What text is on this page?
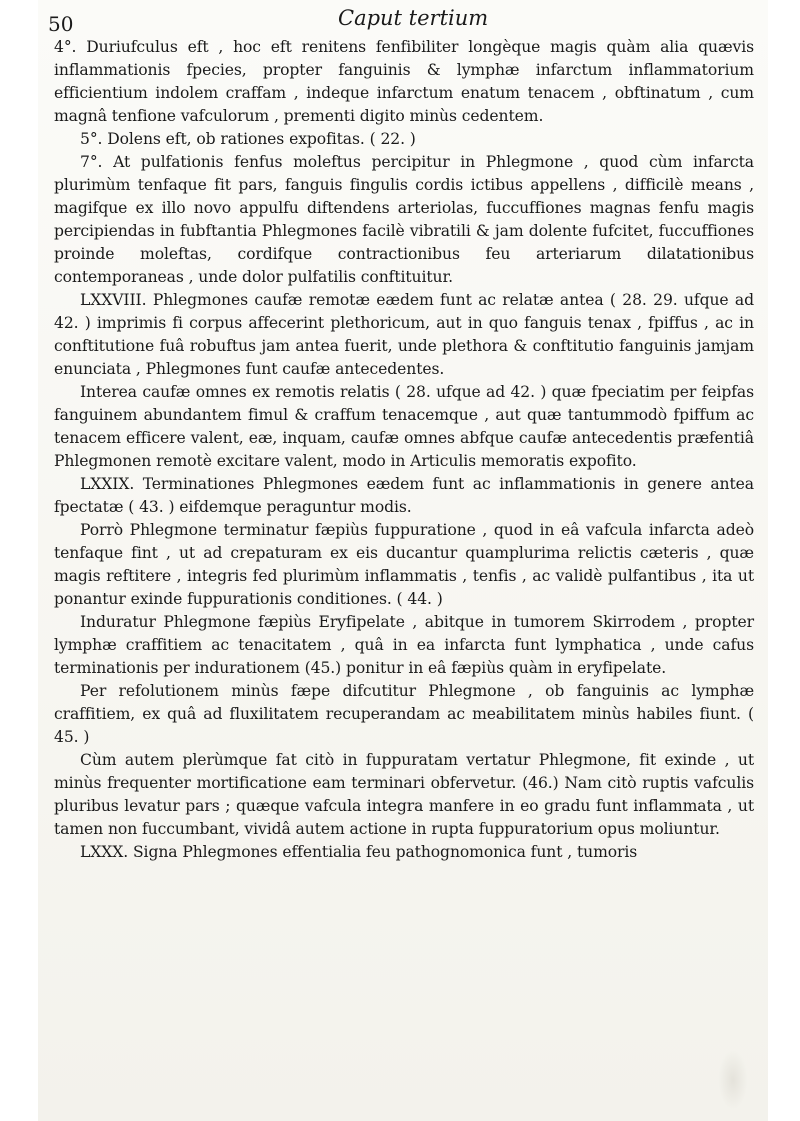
50	Caput tertium

4°. Duriufculus eft , hoc eft renitens fenfibiliter longèque magis quàm alia quævis inflammationis fpecies, propter fanguinis & lymphæ infarctum inflammatorium efficientium indolem craffam , indeque infarctum enatum tenacem , obftinatum , cum magnâ tenfione vafculorum , prementi digito minùs cedentem.

5°. Dolens eft, ob rationes expofitas. ( 22. )

7°. At pulfationis fenfus moleftus percipitur in Phlegmone , quod cùm infarcta plurimùm tenfaque fit pars, fanguis fingulis cordis ictibus appellens , difficilè means , magifque ex illo novo appulfu diftendens arteriolas, fuccuffiones magnas fenfu magis percipiendas in fubftantia Phlegmones facilè vibratili & jam dolente fufcitet, fuccuffiones proinde moleftas, cordifque contractionibus feu arteriarum dilatationibus contemporaneas , unde dolor pulfatilis conftituitur.

LXXVIII. Phlegmones caufæ remotæ eædem funt ac relatæ antea ( 28. 29. ufque ad 42. ) imprimis fi corpus affecerint plethoricum, aut in quo fanguis tenax , fpiffus , ac in conftitutione fuâ robuftus jam antea fuerit, unde plethora & conftitutio fanguinis jamjam enunciata , Phlegmones funt caufæ antecedentes.

Interea caufæ omnes ex remotis relatis ( 28. ufque ad 42. ) quæ fpeciatim per feipfas fanguinem abundantem fimul & craffum tenacemque , aut quæ tantummodò fpiffum ac tenacem efficere valent, eæ, inquam, caufæ omnes abfque caufæ antecedentis præfentiâ Phlegmonen remotè excitare valent, modo in Articulis memoratis expofito.

LXXIX. Terminationes Phlegmones eædem funt ac inflammationis in genere antea fpectatæ ( 43. ) eifdemque peraguntur modis.

Porrò Phlegmone terminatur fæpiùs fuppuratione , quod in eâ vafcula infarcta adeò tenfaque fint , ut ad crepaturam ex eis ducantur quamplurima relictis cæteris , quæ magis reftitere , integris fed plurimùm inflammatis , tenfis , ac validè pulfantibus , ita ut ponantur exinde fuppurationis conditiones. ( 44. )

Induratur Phlegmone fæpiùs Eryfipelate , abitque in tumorem Skirrodem , propter lymphæ craffitiem ac tenacitatem , quâ in ea infarcta funt lymphatica , unde cafus terminationis per indurationem (45.) ponitur in eâ fæpiùs quàm in eryfipelate.

Per refolutionem minùs fæpe difcutitur Phlegmone , ob fanguinis ac lymphæ craffitiem, ex quâ ad fluxilitatem recuperandam ac meabilitatem minùs habiles fiunt. ( 45. )

Cùm autem plerùmque fat citò in fuppuratam vertatur Phlegmone, fit exinde , ut minùs frequenter mortificatione eam terminari obfervetur. (46.) Nam citò ruptis vafculis pluribus levatur pars ; quæque vafcula integra manfere in eo gradu funt inflammata , ut tamen non fuccumbant, vividâ autem actione in rupta fuppuratorium opus moliuntur.

LXXX. Signa Phlegmones effentialia feu pathognomonica funt , tumoris
